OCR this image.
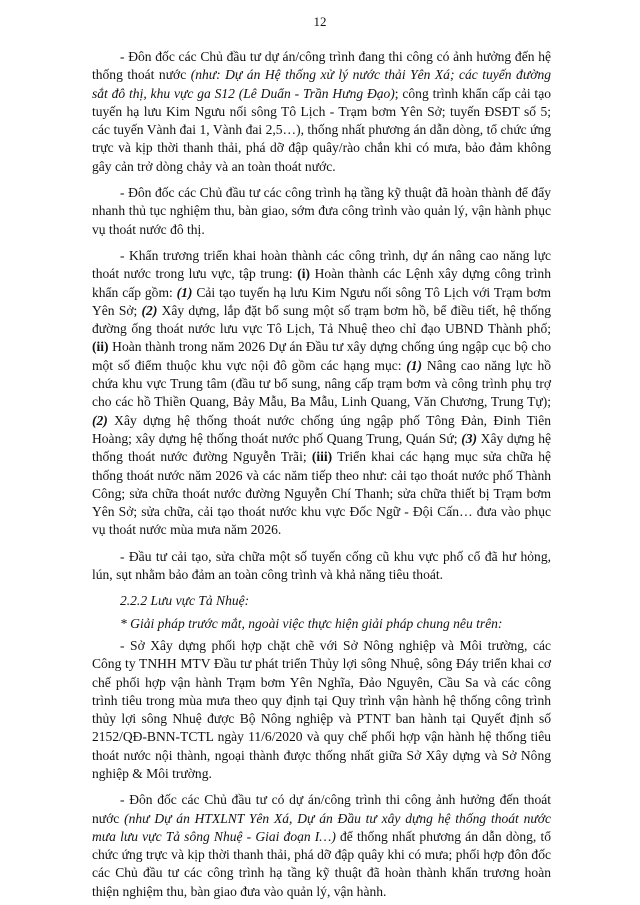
12

- Đôn đốc các Chủ đầu tư dự án/công trình đang thi công có ảnh hưởng đến hệ thống thoát nước (như: Dự án Hệ thống xử lý nước thải Yên Xá; các tuyến đường sắt đô thị, khu vực ga S12 (Lê Duẩn - Trần Hưng Đạo); công trình khẩn cấp cải tạo tuyến hạ lưu Kim Ngưu nối sông Tô Lịch - Trạm bơm Yên Sở; tuyến ĐSĐT số 5; các tuyến Vành đai 1, Vành đai 2,5…), thống nhất phương án dẫn dòng, tổ chức ứng trực và kịp thời thanh thải, phá dỡ đập quây/rào chắn khi có mưa, bảo đảm không gây cản trở dòng chảy và an toàn thoát nước.

- Đôn đốc các Chủ đầu tư các công trình hạ tầng kỹ thuật đã hoàn thành để đẩy nhanh thủ tục nghiệm thu, bàn giao, sớm đưa công trình vào quản lý, vận hành phục vụ thoát nước đô thị.

- Khẩn trương triển khai hoàn thành các công trình, dự án nâng cao năng lực thoát nước trong lưu vực, tập trung: (i) Hoàn thành các Lệnh xây dựng công trình khẩn cấp gồm: (1) Cải tạo tuyến hạ lưu Kim Ngưu nối sông Tô Lịch với Trạm bơm Yên Sở; (2) Xây dựng, lắp đặt bổ sung một số trạm bơm hồ, bể điều tiết, hệ thống đường ống thoát nước lưu vực Tô Lịch, Tả Nhuệ theo chỉ đạo UBND Thành phố; (ii) Hoàn thành trong năm 2026 Dự án Đầu tư xây dựng chống úng ngập cục bộ cho một số điểm thuộc khu vực nội đô gồm các hạng mục: (1) Nâng cao năng lực hồ chứa khu vực Trung tâm (đầu tư bổ sung, nâng cấp trạm bơm và công trình phụ trợ cho các hồ Thiền Quang, Bảy Mẫu, Ba Mẫu, Linh Quang, Văn Chương, Trung Tự); (2) Xây dựng hệ thống thoát nước chống úng ngập phố Tông Đản, Đinh Tiên Hoàng; xây dựng hệ thống thoát nước phố Quang Trung, Quán Sứ; (3) Xây dựng hệ thống thoát nước đường Nguyễn Trãi; (iii) Triển khai các hạng mục sửa chữa hệ thống thoát nước năm 2026 và các năm tiếp theo như: cải tạo thoát nước phố Thành Công; sửa chữa thoát nước đường Nguyễn Chí Thanh; sửa chữa thiết bị Trạm bơm Yên Sở; sửa chữa, cải tạo thoát nước khu vực Đốc Ngữ - Đội Cấn… đưa vào phục vụ thoát nước mùa mưa năm 2026.

- Đầu tư cải tạo, sửa chữa một số tuyến cống cũ khu vực phố cổ đã hư hỏng, lún, sụt nhằm bảo đảm an toàn công trình và khả năng tiêu thoát.

2.2.2 Lưu vực Tả Nhuệ:

* Giải pháp trước mắt, ngoài việc thực hiện giải pháp chung nêu trên:

- Sở Xây dựng phối hợp chặt chẽ với Sở Nông nghiệp và Môi trường, các Công ty TNHH MTV Đầu tư phát triển Thủy lợi sông Nhuệ, sông Đáy triển khai cơ chế phối hợp vận hành Trạm bơm Yên Nghĩa, Đảo Nguyên, Cầu Sa và các công trình tiêu trong mùa mưa theo quy định tại Quy trình vận hành hệ thống công trình thủy lợi sông Nhuệ được Bộ Nông nghiệp và PTNT ban hành tại Quyết định số 2152/QĐ-BNN-TCTL ngày 11/6/2020 và quy chế phối hợp vận hành hệ thống tiêu thoát nước nội thành, ngoại thành được thống nhất giữa Sở Xây dựng và Sở Nông nghiệp & Môi trường.

- Đôn đốc các Chủ đầu tư có dự án/công trình thi công ảnh hưởng đến thoát nước (như Dự án HTXLNT Yên Xá, Dự án Đầu tư xây dựng hệ thống thoát nước mưa lưu vực Tả sông Nhuệ - Giai đoạn I…) để thống nhất phương án dẫn dòng, tổ chức ứng trực và kịp thời thanh thải, phá dỡ đập quây khi có mưa; phối hợp đôn đốc các Chủ đầu tư các công trình hạ tầng kỹ thuật đã hoàn thành khẩn trương hoàn thiện nghiệm thu, bàn giao đưa vào quản lý, vận hành.
